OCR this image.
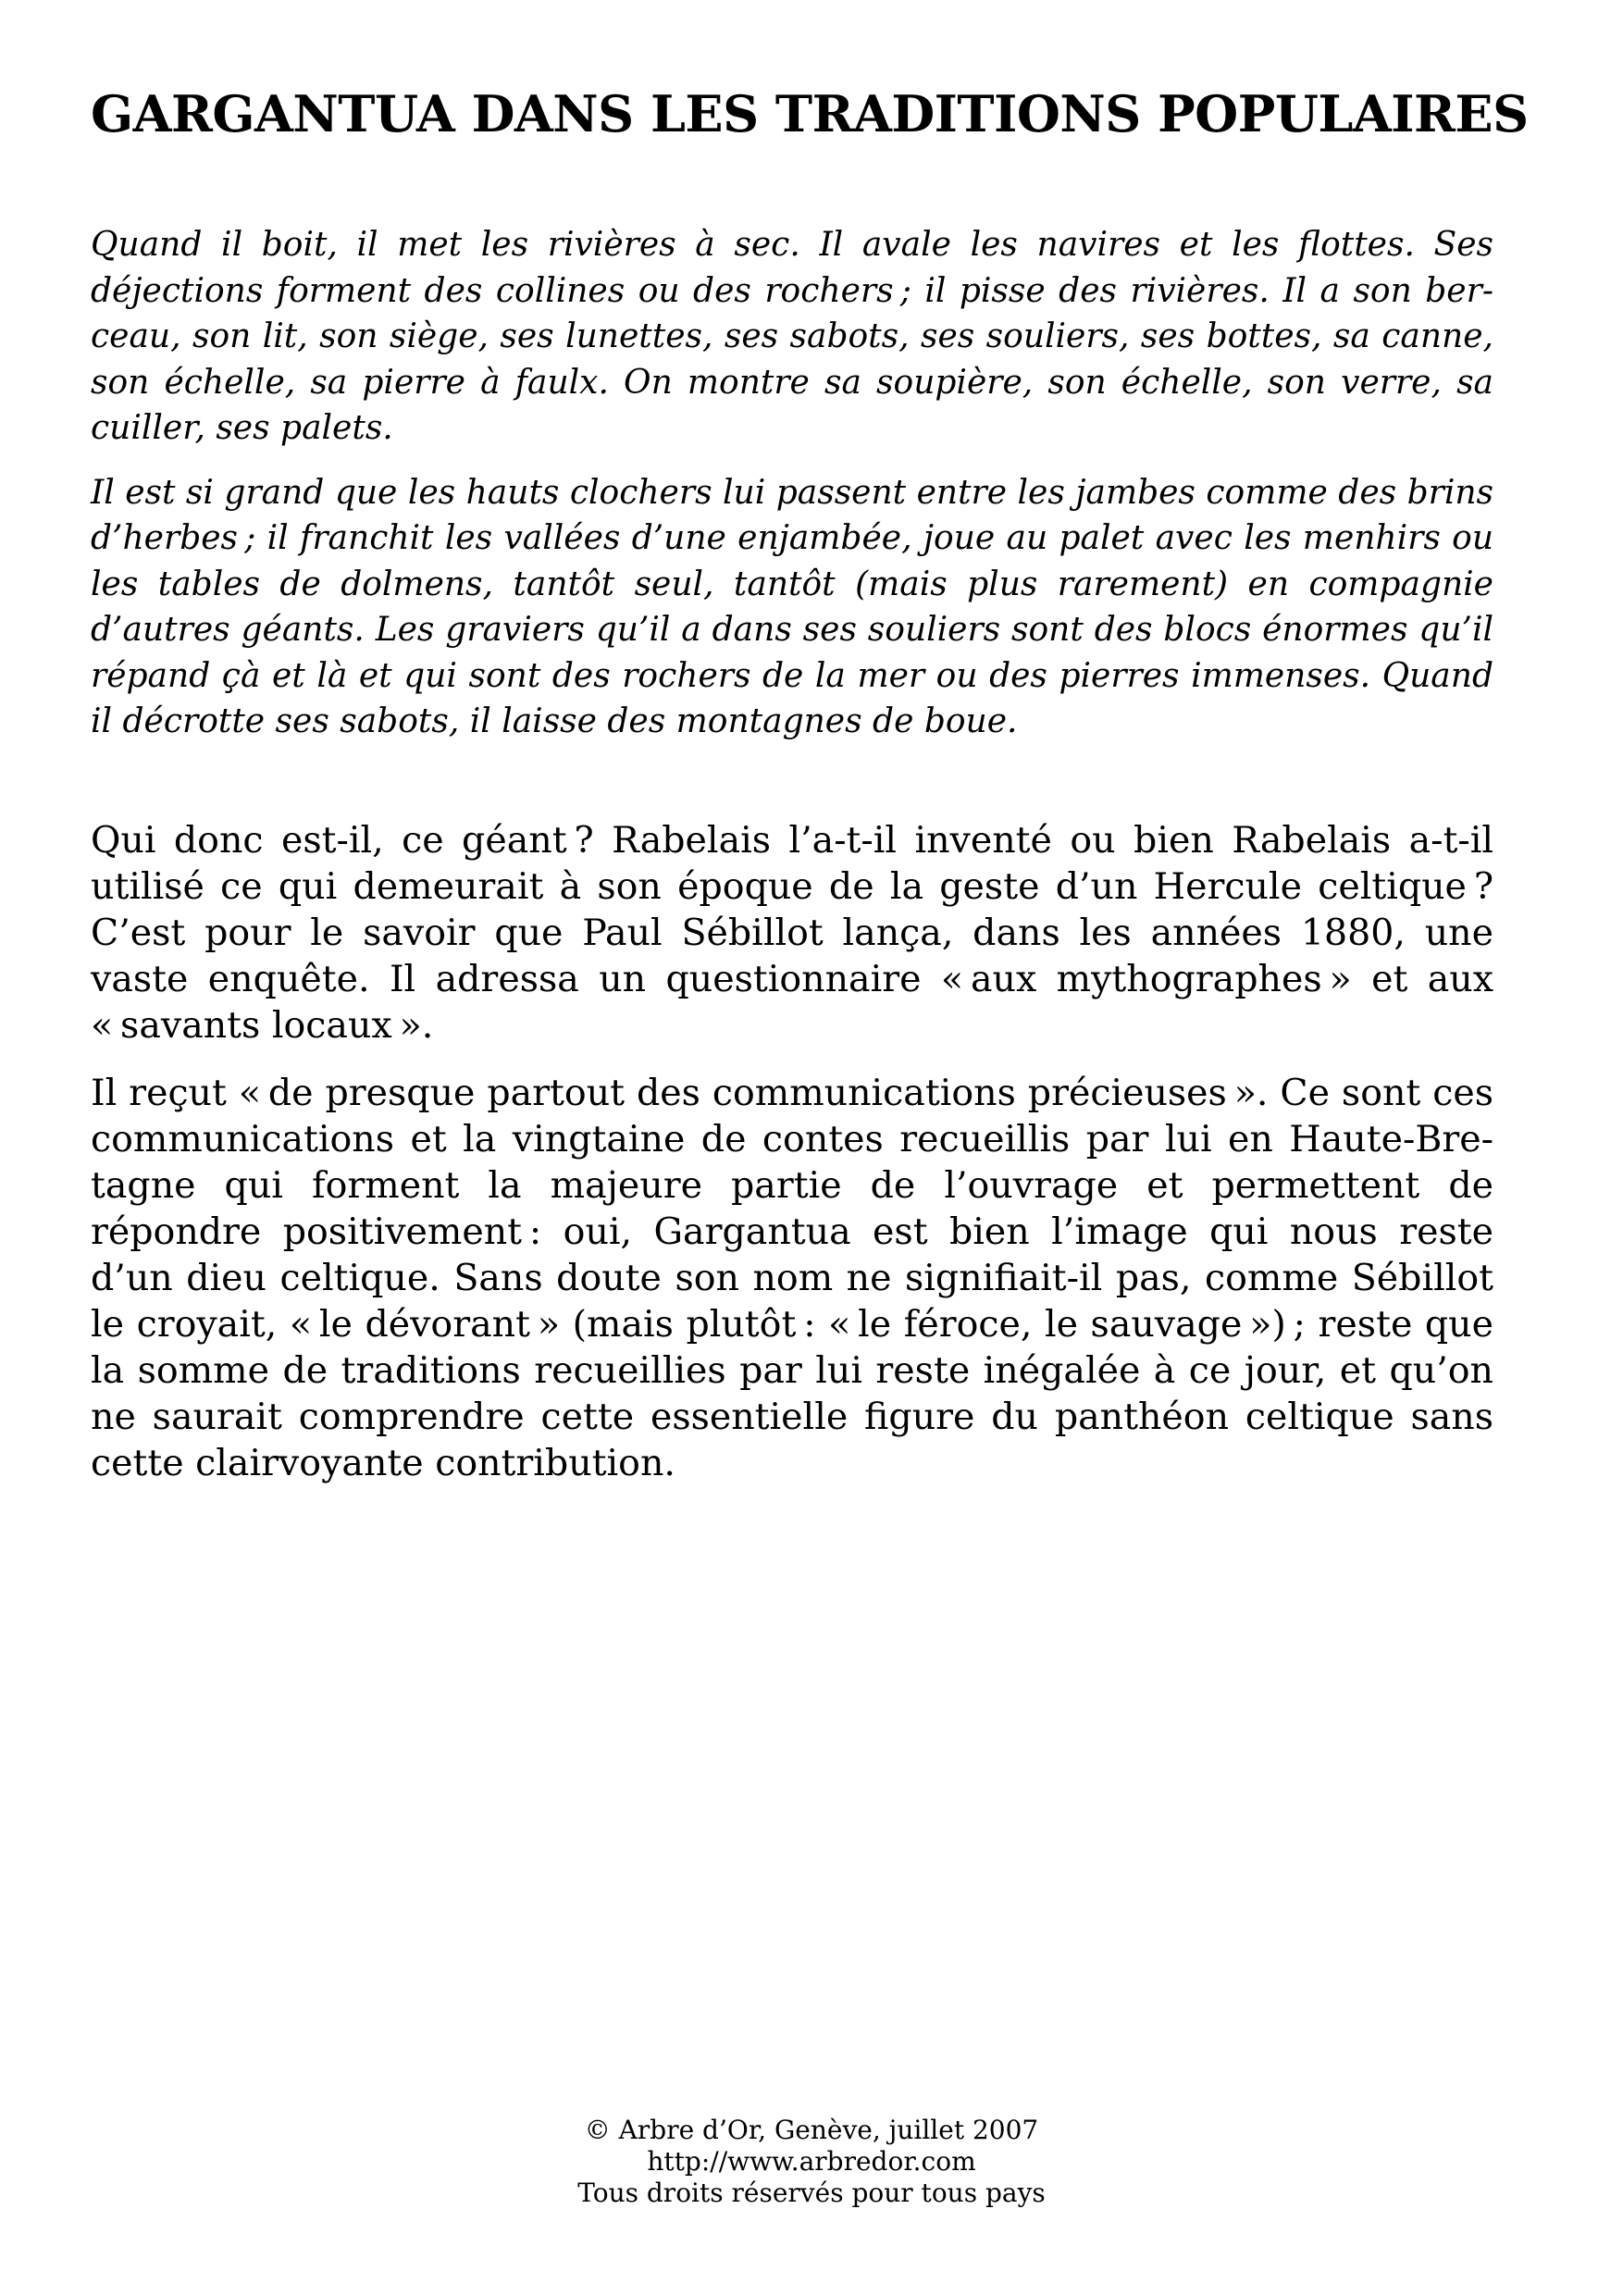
GARGANTUA DANS LES TRADITIONS POPULAIRES

Quand il boit, il met les rivières à sec. Il avale les navires et les flottes. Ses déjections forment des collines ou des rochers ; il pisse des rivières. Il a son berceau, son lit, son siège, ses lunettes, ses sabots, ses souliers, ses bottes, sa canne, son échelle, sa pierre à faulx. On montre sa soupière, son échelle, son verre, sa cuiller, ses palets.

Il est si grand que les hauts clochers lui passent entre les jambes comme des brins d’herbes ; il franchit les vallées d’une enjambée, joue au palet avec les menhirs ou les tables de dolmens, tantôt seul, tantôt (mais plus rarement) en compagnie d’autres géants. Les graviers qu’il a dans ses souliers sont des blocs énormes qu’il répand çà et là et qui sont des rochers de la mer ou des pierres immenses. Quand il décrotte ses sabots, il laisse des montagnes de boue.

Qui donc est-il, ce géant ? Rabelais l’a-t-il inventé ou bien Rabelais a-t-il utilisé ce qui demeurait à son époque de la geste d’un Hercule celtique ? C’est pour le savoir que Paul Sébillot lança, dans les années 1880, une vaste enquête. Il adressa un questionnaire « aux mythographes » et aux « savants locaux ».

Il reçut « de presque partout des communications précieuses ». Ce sont ces communications et la vingtaine de contes recueillis par lui en Haute-Bretagne qui forment la majeure partie de l’ouvrage et permettent de répondre positivement : oui, Gargantua est bien l’image qui nous reste d’un dieu celtique. Sans doute son nom ne signifiait-il pas, comme Sébillot le croyait, « le dévorant » (mais plutôt : « le féroce, le sauvage ») ; reste que la somme de traditions recueillies par lui reste inégalée à ce jour, et qu’on ne saurait comprendre cette essentielle figure du panthéon celtique sans cette clairvoyante contribution.

© Arbre d’Or, Genève, juillet 2007
http://www.arbredor.com
Tous droits réservés pour tous pays
